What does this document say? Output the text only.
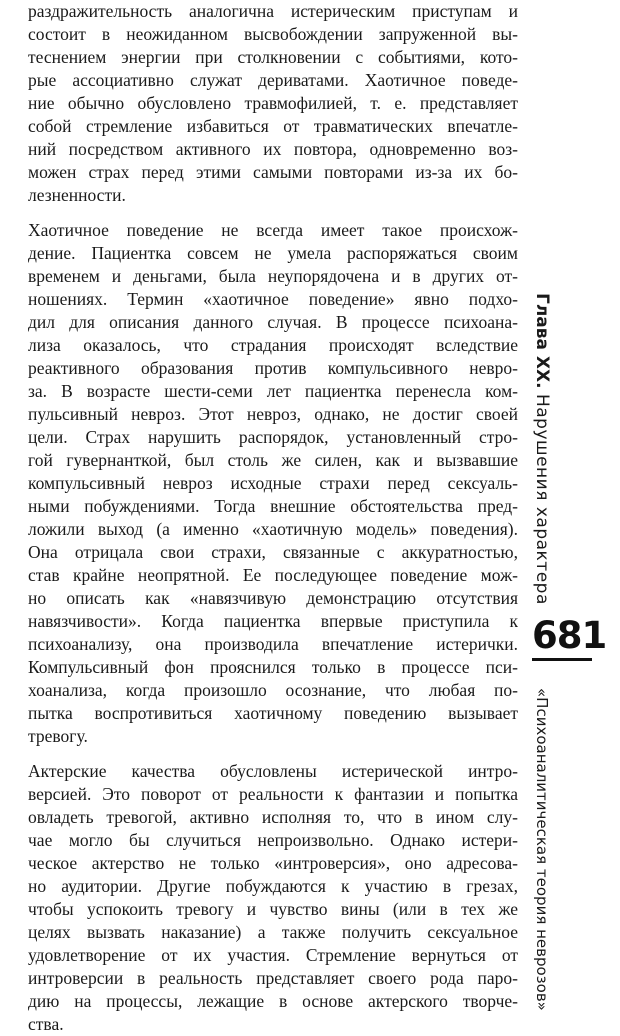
раздражительность аналогична истерическим приступам и
состоит в неожиданном высвобождении запруженной вы-
теснением энергии при столкновении с событиями, кото-
рые ассоциативно служат дериватами. Хаотичное поведе-
ние обычно обусловлено травмофилией, т. е. представляет
собой стремление избавиться от травматических впечатле-
ний посредством активного их повтора, одновременно воз-
можен страх перед этими самыми повторами из-за их бо-
лезненности.
Хаотичное поведение не всегда имеет такое происхож-
дение. Пациентка совсем не умела распоряжаться своим
временем и деньгами, была неупорядочена и в других от-
ношениях. Термин «хаотичное поведение» явно подхо-
дил для описания данного случая. В процессе психоана-
лиза оказалось, что страдания происходят вследствие
реактивного образования против компульсивного невро-
за. В возрасте шести-семи лет пациентка перенесла ком-
пульсивный невроз. Этот невроз, однако, не достиг своей
цели. Страх нарушить распорядок, установленный стро-
гой гувернанткой, был столь же силен, как и вызвавшие
компульсивный невроз исходные страхи перед сексуаль-
ными побуждениями. Тогда внешние обстоятельства пред-
ложили выход (а именно «хаотичную модель» поведения).
Она отрицала свои страхи, связанные с аккуратностью,
став крайне неопрятной. Ее последующее поведение мож-
но описать как «навязчивую демонстрацию отсутствия
навязчивости». Когда пациентка впервые приступила к
психоанализу, она производила впечатление истерички.
Компульсивный фон прояснился только в процессе пси-
хоанализа, когда произошло осознание, что любая по-
пытка воспротивиться хаотичному поведению вызывает
тревогу.
Актерские качества обусловлены истерической интро-
версией. Это поворот от реальности к фантазии и попытка
овладеть тревогой, активно исполняя то, что в ином слу-
чае могло бы случиться непроизвольно. Однако истери-
ческое актерство не только «интроверсия», оно адресова-
но аудитории. Другие побуждаются к участию в грезах,
чтобы успокоить тревогу и чувство вины (или в тех же
целях вызвать наказание) а также получить сексуальное
удовлетворение от их участия. Стремление вернуться от
интроверсии в реальность представляет своего рода паро-
дию на процессы, лежащие в основе актерского творче-
ства.
Глава XX. Нарушения характера
681
«Психоаналитическая теория неврозов»
